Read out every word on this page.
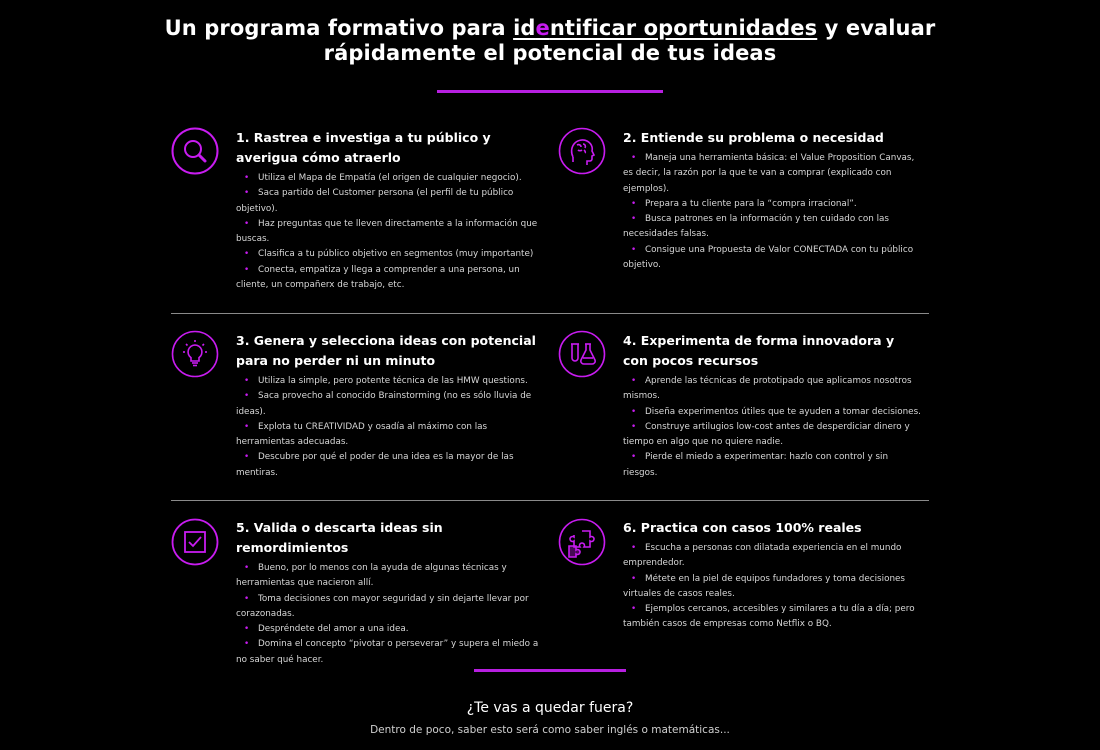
Un programa formativo para identificar oportunidades y evaluar
rápidamente el potencial de tus ideas
1. Rastrea e investiga a tu público y averigua cómo atraerlo
• Utiliza el Mapa de Empatía (el origen de cualquier negocio).
• Saca partido del Customer persona (el perfil de tu público objetivo).
• Haz preguntas que te lleven directamente a la información que buscas.
• Clasifica a tu público objetivo en segmentos (muy importante)
• Conecta, empatiza y llega a comprender a una persona, un cliente, un compañerx de trabajo, etc.
2. Entiende su problema o necesidad
• Maneja una herramienta básica: el Value Proposition Canvas, es decir, la razón por la que te van a comprar (explicado con ejemplos).
• Prepara a tu cliente para la “compra irracional”.
• Busca patrones en la información y ten cuidado con las necesidades falsas.
• Consigue una Propuesta de Valor CONECTADA con tu público objetivo.
3. Genera y selecciona ideas con potencial para no perder ni un minuto
• Utiliza la simple, pero potente técnica de las HMW questions.
• Saca provecho al conocido Brainstorming (no es sólo lluvia de ideas).
• Explota tu CREATIVIDAD y osadía al máximo con las herramientas adecuadas.
• Descubre por qué el poder de una idea es la mayor de las mentiras.
4. Experimenta de forma innovadora y con pocos recursos
• Aprende las técnicas de prototipado que aplicamos nosotros mismos.
• Diseña experimentos útiles que te ayuden a tomar decisiones.
• Construye artilugios low-cost antes de desperdiciar dinero y tiempo en algo que no quiere nadie.
• Pierde el miedo a experimentar: hazlo con control y sin riesgos.
5. Valida o descarta ideas sin remordimientos
• Bueno, por lo menos con la ayuda de algunas técnicas y herramientas que nacieron allí.
• Toma decisiones con mayor seguridad y sin dejarte llevar por corazonadas.
• Despréndete del amor a una idea.
• Domina el concepto “pivotar o perseverar” y supera el miedo a no saber qué hacer.
6. Practica con casos 100% reales
• Escucha a personas con dilatada experiencia en el mundo emprendedor.
• Métete en la piel de equipos fundadores y toma decisiones virtuales de casos reales.
• Ejemplos cercanos, accesibles y similares a tu día a día; pero también casos de empresas como Netflix o BQ.
¿Te vas a quedar fuera?
Dentro de poco, saber esto será como saber inglés o matemáticas...
